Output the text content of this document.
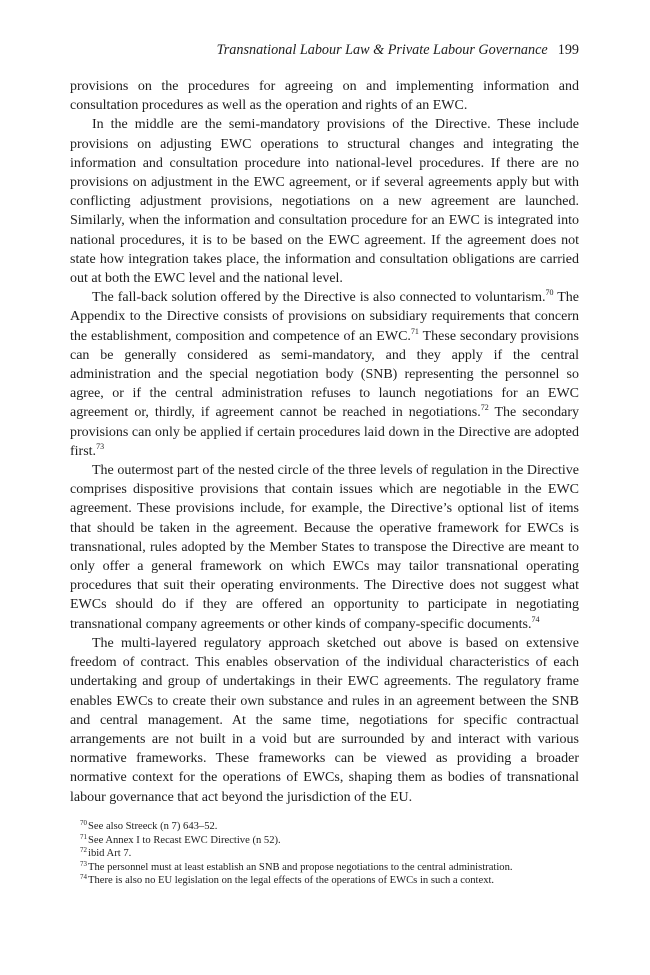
Transnational Labour Law & Private Labour Governance 199

provisions on the procedures for agreeing on and implementing information and consultation procedures as well as the operation and rights of an EWC.

In the middle are the semi-mandatory provisions of the Directive. These include provisions on adjusting EWC operations to structural changes and integrating the information and consultation procedure into national-level procedures. If there are no provisions on adjustment in the EWC agreement, or if several agreements apply but with conflicting adjustment provisions, negotiations on a new agreement are launched. Similarly, when the information and consultation procedure for an EWC is integrated into national procedures, it is to be based on the EWC agreement. If the agreement does not state how integration takes place, the information and consultation obligations are carried out at both the EWC level and the national level.

The fall-back solution offered by the Directive is also connected to voluntarism.$^{70}$ The Appendix to the Directive consists of provisions on subsidiary requirements that concern the establishment, composition and competence of an EWC.$^{71}$ These secondary provisions can be generally considered as semi-mandatory, and they apply if the central administration and the special negotiation body (SNB) representing the personnel so agree, or if the central administration refuses to launch negotiations for an EWC agreement or, thirdly, if agreement cannot be reached in negotiations.$^{72}$ The secondary provisions can only be applied if certain procedures laid down in the Directive are adopted first.$^{73}$

The outermost part of the nested circle of the three levels of regulation in the Directive comprises dispositive provisions that contain issues which are negotiable in the EWC agreement. These provisions include, for example, the Directive’s optional list of items that should be taken in the agreement. Because the operative framework for EWCs is transnational, rules adopted by the Member States to transpose the Directive are meant to only offer a general framework on which EWCs may tailor transnational operating procedures that suit their operating environments. The Directive does not suggest what EWCs should do if they are offered an opportunity to participate in negotiating transnational company agreements or other kinds of company-specific documents.$^{74}$

The multi-layered regulatory approach sketched out above is based on extensive freedom of contract. This enables observation of the individual characteristics of each undertaking and group of undertakings in their EWC agreements. The regulatory frame enables EWCs to create their own substance and rules in an agreement between the SNB and central management. At the same time, negotiations for specific contractual arrangements are not built in a void but are surrounded by and interact with various normative frameworks. These frameworks can be viewed as providing a broader normative context for the operations of EWCs, shaping them as bodies of transnational labour governance that act beyond the jurisdiction of the EU.

$^{70}$See also Streeck (n 7) 643–52.
$^{71}$See Annex I to Recast EWC Directive (n 52).
$^{72}$ibid Art 7.
$^{73}$The personnel must at least establish an SNB and propose negotiations to the central administration.
$^{74}$There is also no EU legislation on the legal effects of the operations of EWCs in such a context.
